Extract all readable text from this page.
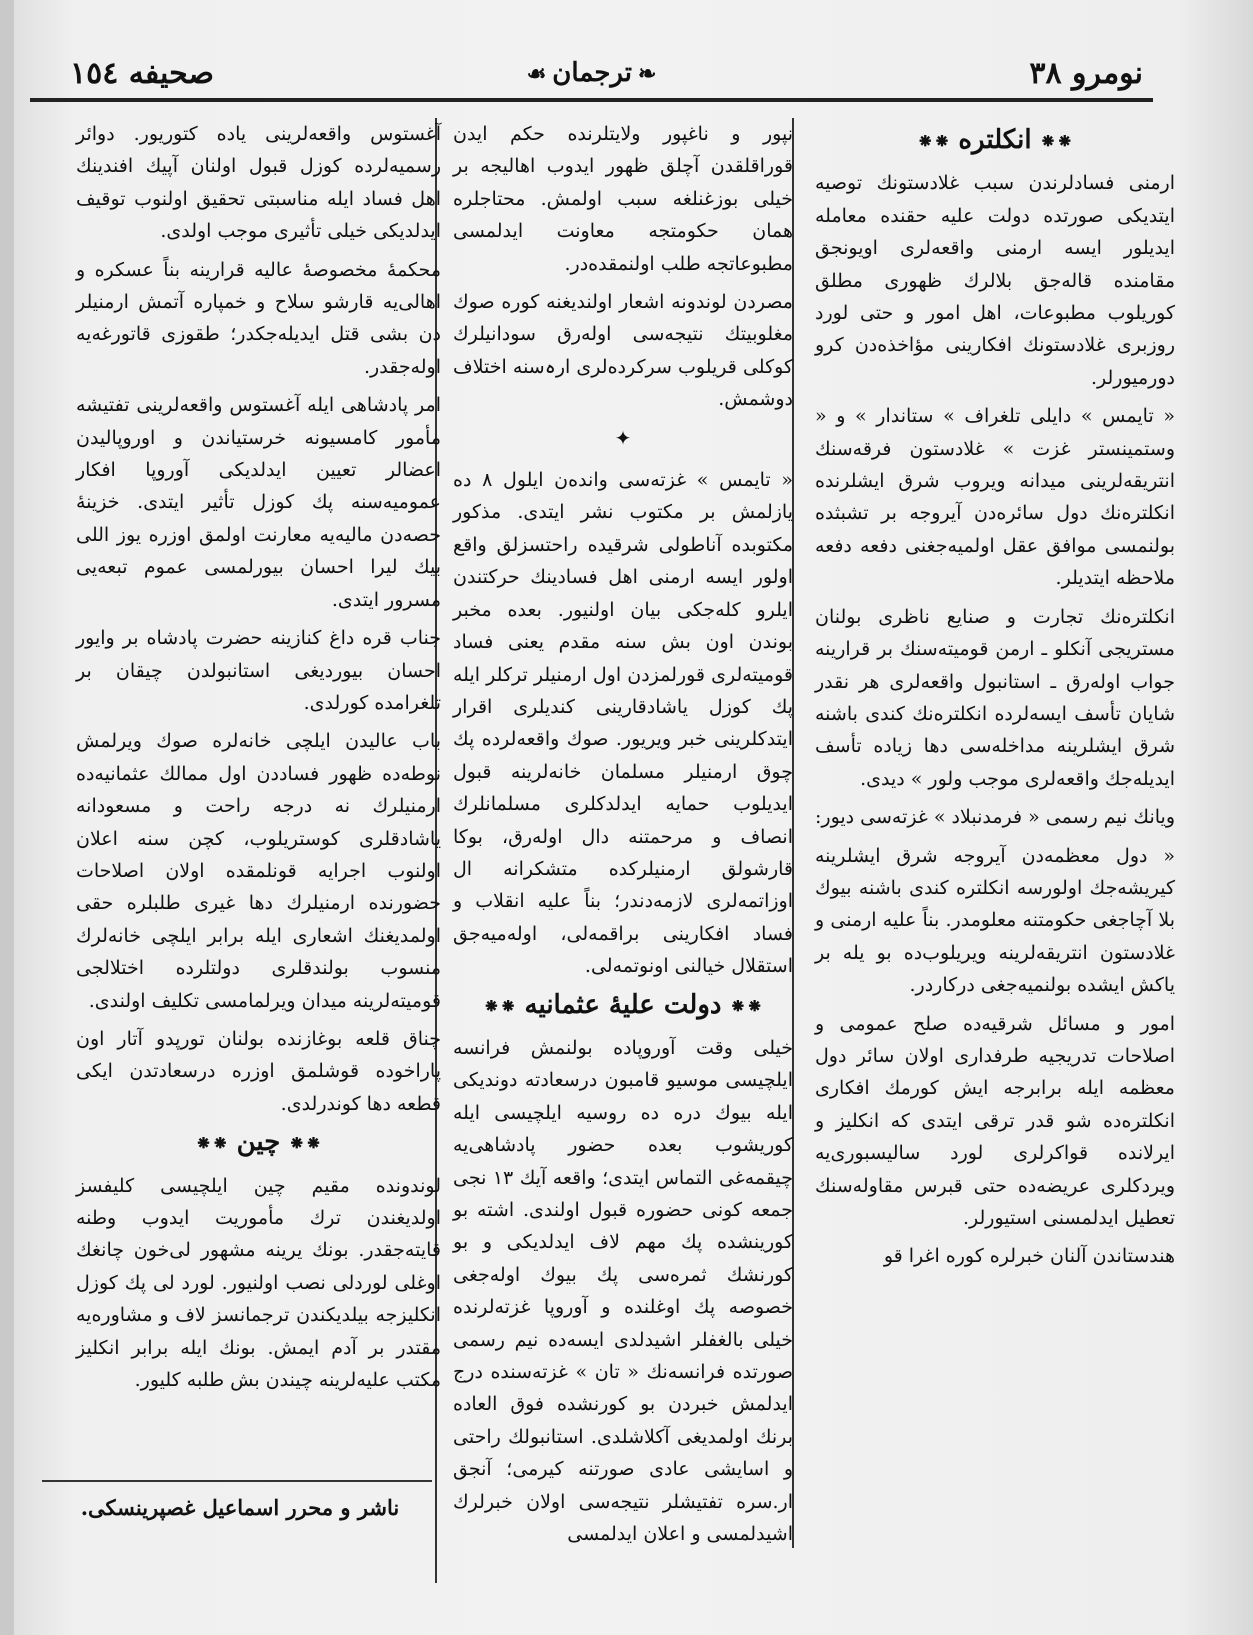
نومرو ٣٨
❧ترجمان☙
صحیفه ١٥٤
⁕⁕انکلتره⁕⁕

ارمنی فسادلرندن سبب غلادستونك توصیه ایتدیکی صورتده دولت علیه حقنده معامله ایدیلور ایسه ارمنی واقعه‌لری اویونجق مقامنده قاله‌جق بلالرك ظهوری مطلق کوریلوب مطبوعات، اهل امور و حتی لورد روزبری غلادستونك افکارینی مؤاخذه‌دن کرو دورمیورلر.

« تایمس » دایلی تلغراف » ستاندار » و « وستمینستر غزت » غلادستون فرقه‌سنك انتریقه‌لرینی میدانه ویروب شرق ایشلرنده انکلتره‌نك دول سائره‌دن آیروجه بر تشبثده بولنمسی موافق عقل اولمیه‌جغنی دفعه دفعه ملاحظه ایتدیلر.

انکلتره‌نك تجارت و صنایع ناظری بولنان مستریجی آنکلو ـ ارمن قومیته‌سنك بر قرارینه جواب اوله‌رق ـ استانبول واقعه‌لری هر نقدر شایان تأسف ایسه‌لرده انکلتره‌نك کندی باشنه شرق ایشلرینه مداخله‌سی دها زیاده تأسف ایدیله‌جك واقعه‌لری موجب ولور » دیدی.

ویانك نیم رسمی « فرمدنبلاد » غزته‌سی دیور:

« دول معظمه‌دن آیروجه شرق ایشلرینه کیریشه‌جك اولورسه انکلتره کندی باشنه بیوك بلا آچاجغی حکومتنه معلومدر. بناً علیه ارمنی و غلادستون انتریقه‌لرینه ویریلوب‌ده بو یله بر یاکش ایشده بولنمیه‌جغی درکاردر.

امور و مسائل شرقیه‌ده صلح عمومی و اصلاحات تدریجیه طرفداری اولان سائر دول معظمه ایله برابرجه ایش کورمك افکاری انکلتره‌ده شو قدر ترقی ایتدی که انکلیز و ایرلانده قواکرلری لورد سالیسبوری‌یه ویردکلری عریضه‌ده حتی قبرس مقاوله‌سنك تعطیل ایدلمسنی استیورلر.

هندستاندن آلنان خبرلره کوره اغرا قو‌

نپور و ناغپور ولایتلرنده حکم ایدن قورا‌قلقدن آچلق ظهور ایدوب اهالیجه بر خیلی بوزغنلغه سبب اولمش. محتاجلره همان حکومتجه معاونت ایدلمسی مطبوعاتجه طلب اولنمقده‌در.

مصردن لوندونه اشعار اولندیغنه کوره صوك مغلوبیتك نتیجه‌سی اوله‌رق سودانیلرك کوکلی قریلوب سرکرده‌لری ارہ‌سنه اختلاف دوشمش.

✦

« تایمس » غزته‌سی وانده‌ن ایلول ٨ ده یازلمش بر مکتوب نشر ایتدی. مذکور مکتوبده آناطولی شرقیده راحتسزلق واقع اولور ایسه ارمنی اهل فسادینك حرکتندن ایلرو کله‌جکی بیان اولنیور. بعده مخبر بوندن اون بش سنه مقدم یعنی فساد قومیته‌لری قورلمزدن اول ارمنیلر ترکلر ایله پك کوزل یاشادقارینی کندیلری اقرار ایتدکلرینی خبر ویریور. صوك واقعه‌لرده پك چوق ارمنیلر مسلمان خانه‌لرینه قبول ایدیلوب حمایه ایدلدکلری مسلمانلرك انصاف و مرحمتنه دال اوله‌رق، بوکا قارشولق ارمنیلرکده متشکرانه ال اوزاتمه‌لری لازمه‌دندر؛ بناً علیه انقلاب و فساد افکارینی براقمه‌لی، اوله‌میه‌جق استقلال خیالنی اونوتمه‌لی.

⁕⁕دولت علیهٔ عثمانیه⁕⁕

خیلی وقت آوروپاده بولنمش فرانسه ایلچیسی موسیو قامبون درسعادته دوندیکی ایله بیوك دره ده روسیه ایلچیسی ایله کوریشوب بعده حضور پادشاهی‌یه چیقمه‌غی التماس ایتدی؛ واقعه آیك ١٣ نجی جمعه کونی حضوره قبول اولندی. اشته بو کورینشده پك مهم لاف ایدلدیکی و بو کورنشك ثمره‌سی پك بیوك اوله‌جغی خصوصه پك اوغلنده و آوروپا غزته‌لرنده خیلی بالغفلر اشیدلدی ایسه‌ده نیم رسمی صورتده فرانسه‌نك « تان » غزته‌سنده درج ایدلمش خبردن بو کورنشده فوق العاده برنك اولمدیغی آکلاشلدی. استانبولك راحتی و اسایشی عادی صورتنه کیرمی؛ آنجق ار.سره تفتیشلر نتیجه‌سی اولان خبرلرك اشیدلمسی و اعلان ایدلمسی

آغستوس واقعه‌لرینی یاده کتوریور. دوائر رسمیه‌لرده کوزل قبول اولنان آپیك افندینك اهل فساد ایله مناسبتی تحقیق اولنوب توقیف ایدلدیکی خیلی تأثیری موجب اولدی.

محکمهٔ مخصوصهٔ عالیه قرارینه بناً عسکره و اهالی‌یه قارشو سلاح و خمپاره آتمش ارمنیلر دن بشی قتل ایدیله‌جکدر؛ طقوزی قاتورغه‌یه اوله‌جقدر.

امر پادشاهی ایله آغستوس واقعه‌لرینی تفتیشه مأمور کامسیونه خرستیاندن و اوروپالیدن اعضالر تعیین ایدلدیکی آوروپا افکار عمومیه‌سنه پك کوزل تأثیر ایتدی. خزینهٔ حصه‌دن مالیه‌یه معارنت اولمق اوزره یوز اللی بیك لیرا احسان بیورلمسی عموم تبعه‌یی مسرور ایتدی.

جناب قره داغ کنازینه حضرت پادشاه بر وایور احسان بیوردیغی استانبولدن چیقان بر تلغرامده کورلدی.

باب عالیدن ایلچی خانه‌لره صوك ویرلمش نوطه‌ده ظهور فساددن اول ممالك عثمانیه‌ده ارمنیلرك نه درجه راحت و مسعودانه یاشادقلری کوستریلوب، کچن سنه اعلان اولنوب اجرایه قونلمقده اولان اصلاحات حضورنده ارمنیلرك دها غیری طلبلره حقی اولمدیغنك اشعاری ایله برابر ایلچی خانه‌لرك منسوب بولندقلری دولتلرده اختلالجی قومیته‌لرینه میدان ویرلمامسی تکلیف اولندی.

چناق قلعه بوغازنده بولنان تورپدو آتار اون پاراخوده قوشلمق اوزره درسعادتدن ایکی قطعه دها کوندرلدی.

⁕⁕چین⁕⁕

لوندونده مقیم چین ایلچیسی کلیفسز اولدیغندن ترك مأموریت ایدوب وطنه قایته‌جقدر. بونك یرینه مشهور لی‌خون چانغك اوغلی لوردلی نصب اولنیور. لورد لی پك کوزل انکلیزجه بیلدیکندن ترجمانسز لاف و مشاوره‌یه مقتدر بر آدم ایمش. بونك ایله برابر انکلیز مکتب علیه‌لرینه چیندن بش طلبه کلیور.

ناشر و محرر اسماعیل غصپرینسکی.
